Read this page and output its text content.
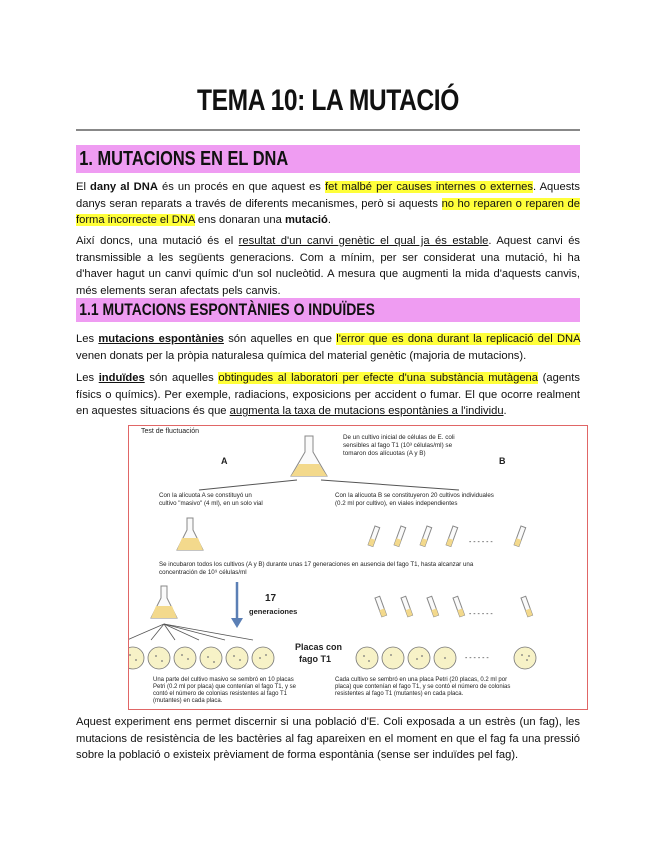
TEMA 10: LA MUTACIÓ
1. MUTACIONS EN EL DNA
El dany al DNA és un procés en que aquest es fet malbé per causes internes o externes. Aquests danys seran reparats a través de diferents mecanismes, però si aquests no ho reparen o reparen de forma incorrecte el DNA ens donaran una mutació.
Així doncs, una mutació és el resultat d'un canvi genètic el qual ja és estable. Aquest canvi és transmissible a les següents generacions. Com a mínim, per ser considerat una mutació, hi ha d'haver hagut un canvi químic d'un sol nucleòtid. A mesura que augmenti la mida d'aquests canvis, més elements seran afectats pels canvis.
1.1 MUTACIONS ESPONTÀNIES O INDUÏDES
Les mutacions espontànies són aquelles en que l'error que es dona durant la replicació del DNA venen donats per la pròpia naturalesa química del material genètic (majoria de mutacions).
Les induïdes són aquelles obtingudes al laboratori per efecte d'una substància mutàgena (agents físics o químics). Per exemple, radiacions, exposicions per accident o fumar. El que ocorre realment en aquestes situacions és que augmenta la taxa de mutacions espontànies a l'individu.
Test de fluctuación
De un cultivo inicial de células de E. coli
sensibles al fago T1 (10³ células/ml) se
tomaron dos alícuotas (A y B)
A	B
Con la alícuota A se constituyó un
cultivo "masivo" (4 ml), en un solo vial
Con la alícuota B se constituyeron 20 cultivos individuales
(0.2 ml por cultivo), en viales independientes
- - - - - -
Se incubaron todos los cultivos (A y B) durante unas 17 generaciones en ausencia del fago T1, hasta alcanzar una
concentración de 10⁹ células/ml
17
generaciones	- - - - - -
Placas con
fago T1	- - - - - -
Una parte del cultivo masivo se sembró en 10 placas
Petri (0.2 ml por placa) que contenían el fago T1, y se
contó el número de colonias resistentes al fago T1
(mutantes) en cada placa.
Cada cultivo se sembró en una placa Petri (20 placas, 0.2 ml por
placa) que contenían el fago T1, y se contó el número de colonias
resistentes al fago T1 (mutantes) en cada placa.
Aquest experiment ens permet discernir si una població d'E. Coli exposada a un estrès (un fag), les mutacions de resistència de les bactèries al fag apareixen en el moment en que el fag fa una pressió sobre la població o existeix prèviament de forma espontània (sense ser induïdes pel fag).
